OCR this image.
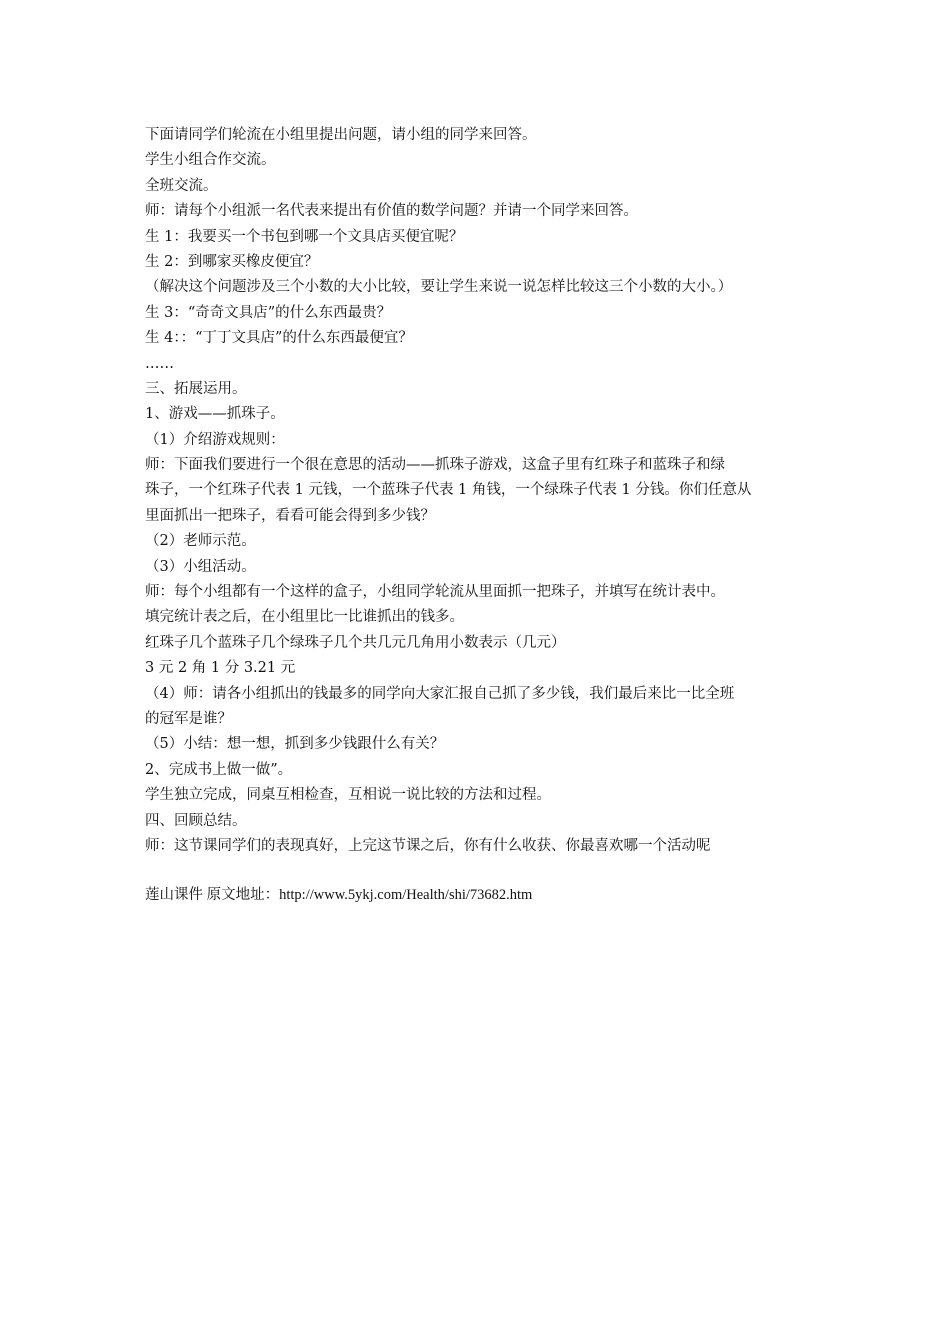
下面请同学们轮流在小组里提出问题，请小组的同学来回答。
学生小组合作交流。
全班交流。
师：请每个小组派一名代表来提出有价值的数学问题？并请一个同学来回答。
生 1：我要买一个书包到哪一个文具店买便宜呢？
生 2：到哪家买橡皮便宜？
（解决这个问题涉及三个小数的大小比较，要让学生来说一说怎样比较这三个小数的大小。）
生 3：“奇奇文具店”的什么东西最贵？
生 4：：“丁丁文具店”的什么东西最便宜？
……
三、拓展运用。
1、游戏——抓珠子。
（1）介绍游戏规则：
师：下面我们要进行一个很在意思的活动——抓珠子游戏，这盒子里有红珠子和蓝珠子和绿
珠子，一个红珠子代表 1 元钱，一个蓝珠子代表 1 角钱，一个绿珠子代表 1 分钱。你们任意从
里面抓出一把珠子，看看可能会得到多少钱？
（2）老师示范。
（3）小组活动。
师：每个小组都有一个这样的盒子，小组同学轮流从里面抓一把珠子，并填写在统计表中。
填完统计表之后，在小组里比一比谁抓出的钱多。
红珠子几个蓝珠子几个绿珠子几个共几元几角用小数表示（几元）
3 元 2 角 1 分 3.21 元
（4）师：请各小组抓出的钱最多的同学向大家汇报自己抓了多少钱，我们最后来比一比全班
的冠军是谁？
（5）小结：想一想，抓到多少钱跟什么有关？
2、完成书上做一做”。
学生独立完成，同桌互相检查，互相说一说比较的方法和过程。
四、回顾总结。
师：这节课同学们的表现真好，上完这节课之后，你有什么收获、你最喜欢哪一个活动呢
莲山课件 原文地址：http://www.5ykj.com/Health/shi/73682.htm
